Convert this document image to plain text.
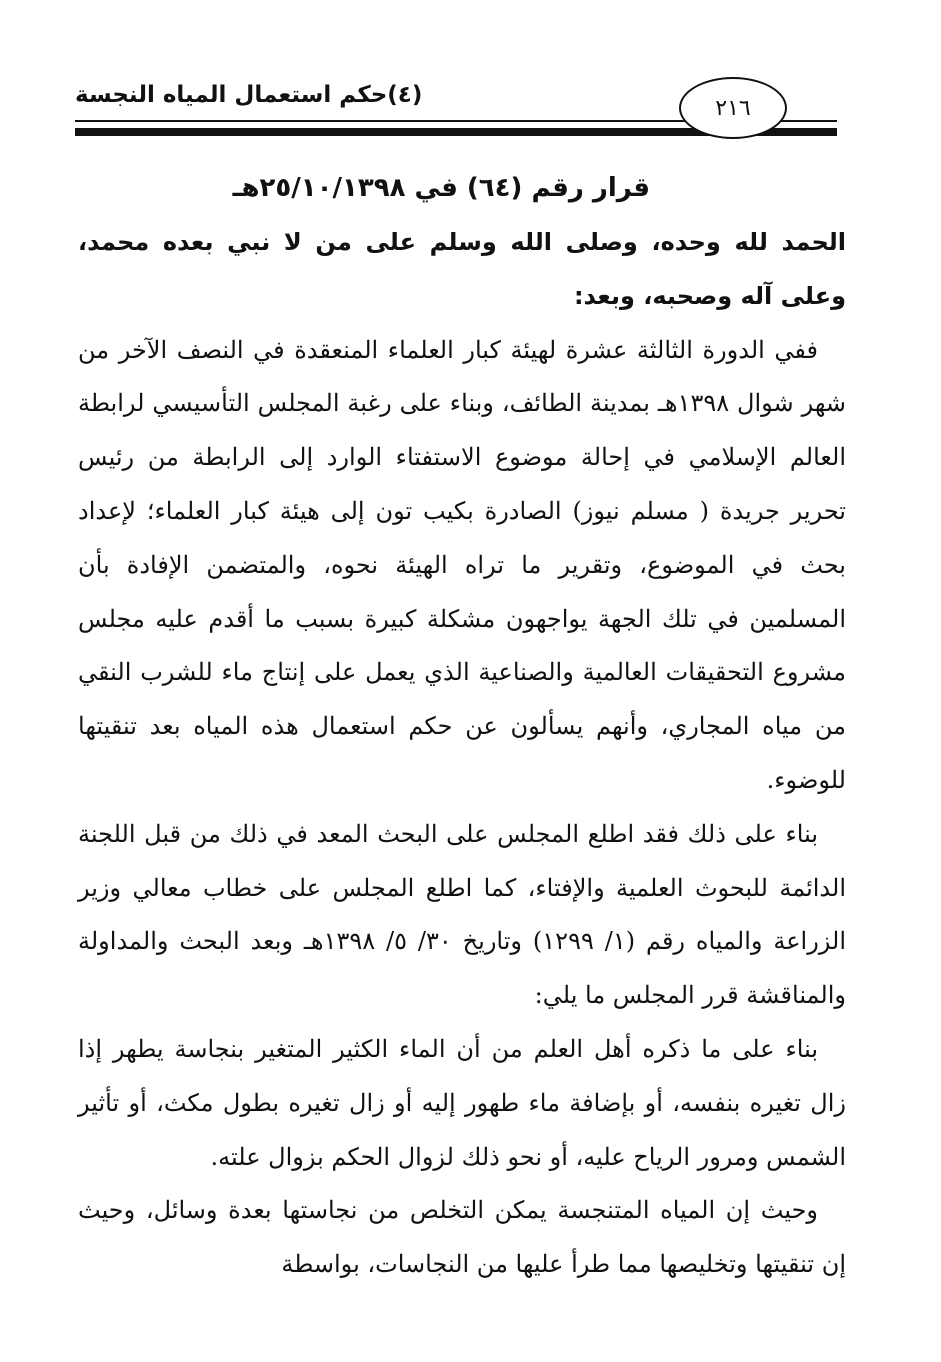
(٤)حكم استعمال المياه النجسة	٢١٦
قرار رقم (٦٤) في ٢٥/١٠/١٣٩٨هـ

الحمد لله وحده، وصلى الله وسلم على من لا نبي بعده محمد، وعلى آله وصحبه، وبعد:

ففي الدورة الثالثة عشرة لهيئة كبار العلماء المنعقدة في النصف الآخر من شهر شوال ١٣٩٨هـ بمدينة الطائف، وبناء على رغبة المجلس التأسيسي لرابطة العالم الإسلامي في إحالة موضوع الاستفتاء الوارد إلى الرابطة من رئيس تحرير جريدة ( مسلم نيوز) الصادرة بكيب تون إلى هيئة كبار العلماء؛ لإعداد بحث في الموضوع، وتقرير ما تراه الهيئة نحوه، والمتضمن الإفادة بأن المسلمين في تلك الجهة يواجهون مشكلة كبيرة بسبب ما أقدم عليه مجلس مشروع التحقيقات العالمية والصناعية الذي يعمل على إنتاج ماء للشرب النقي من مياه المجاري، وأنهم يسألون عن حكم استعمال هذه المياه بعد تنقيتها للوضوء.

بناء على ذلك فقد اطلع المجلس على البحث المعد في ذلك من قبل اللجنة الدائمة للبحوث العلمية والإفتاء، كما اطلع المجلس على خطاب معالي وزير الزراعة والمياه رقم (١/ ١٢٩٩) وتاريخ ٣٠/ ٥/ ١٣٩٨هـ وبعد البحث والمداولة والمناقشة قرر المجلس ما يلي:

بناء على ما ذكره أهل العلم من أن الماء الكثير المتغير بنجاسة يطهر إذا زال تغيره بنفسه، أو بإضافة ماء طهور إليه أو زال تغيره بطول مكث، أو تأثير الشمس ومرور الرياح عليه، أو نحو ذلك لزوال الحكم بزوال علته.

وحيث إن المياه المتنجسة يمكن التخلص من نجاستها بعدة وسائل، وحيث إن تنقيتها وتخليصها مما طرأ عليها من النجاسات، بواسطة
